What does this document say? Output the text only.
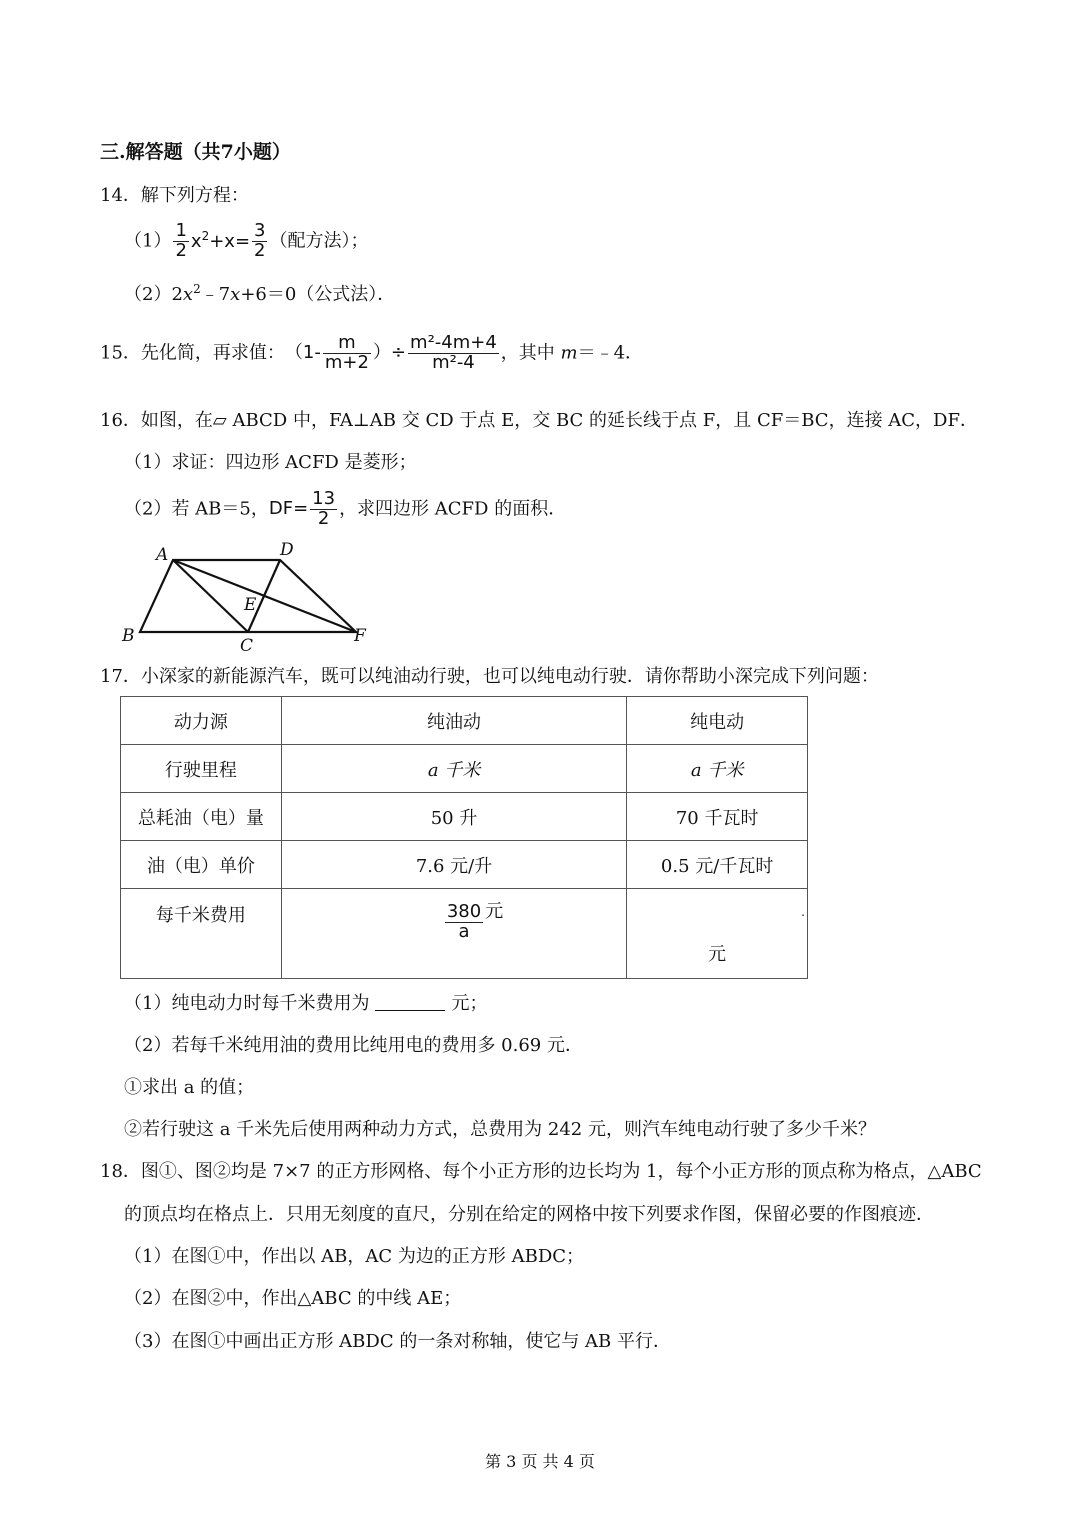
三.解答题（共7小题）
14．解下列方程：
$(1) \frac{1}{2} x^2+x= \frac{3}{2}$ （配方法）；
$(2)2x^2﹣7x+6=0$（公式法）．
15．先化简，再求值：（$1- \frac{m}{m+2}$ ）÷ $\frac{\text{m²-4m+4}}{\text{m²-4}}$ ，其中 m＝﹣4．
16．如图，在▱ ABCD 中，FA⊥AB 交 CD 于点 E，交 BC 的延长线于点 F，且 CF＝BC，连接 AC，DF．
（1）求证：四边形 ACFD 是菱形；
（2）若 AB＝5，$DF= \frac{13}{2}$ ，求四边形 ACFD 的面积．
A	D
E
B	C	F
17．小深家的新能源汽车，既可以纯油动行驶，也可以纯电动行驶．请你帮助小深完成下列问题：
动力源	纯油动	纯电动
行驶里程	a 千米	a 千米
总耗油（电）量	50 升	70 千瓦时
油（电）单价	7.6 元/升	0.5 元/千瓦时
每千米费用	$\frac{380}{a}$ 元	.
元
（1）纯电动力时每千米费用为	元；
（2）若每千米纯用油的费用比纯用电的费用多 0.69 元．
①求出 a 的值；
②若行驶这 a 千米先后使用两种动力方式，总费用为 242 元，则汽车纯电动行驶了多少千米？
18．图①、图②均是 7×7 的正方形网格、每个小正方形的边长均为 1，每个小正方形的顶点称为格点，△ABC
的顶点均在格点上．只用无刻度的直尺，分别在给定的网格中按下列要求作图，保留必要的作图痕迹．
（1）在图①中，作出以 AB，AC 为边的正方形 ABDC；
（2）在图②中，作出△ABC 的中线 AE；
（3）在图①中画出正方形 ABDC 的一条对称轴，使它与 AB 平行．
第 3 页 共 4 页
